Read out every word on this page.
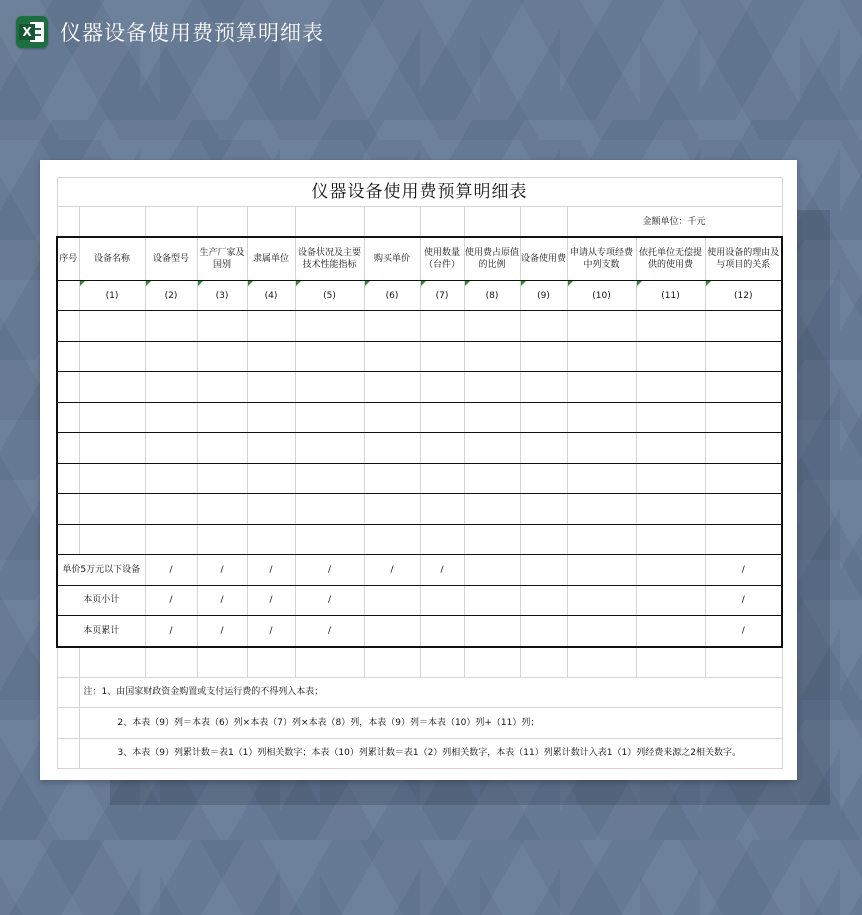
X 仪器设备使用费预算明细表
仪器设备使用费预算明细表												
										金额单位：千元		
序号	设备名称	设备型号	生产厂家及国别	隶属单位	设备状况及主要技术性能指标	购买单价	使用数量（台件）	使用费占原值的比例	设备使用费	申请从专项经费中列支数	依托单位无偿提供的使用费	使用设备的理由及与项目的关系
	(1)	(2)	(3)	(4)	(5)	(6)	(7)	(8)	(9)	(10)	(11)	(12)

单价5万元以下设备		/	/	/	/	/	/					/
本页小计		/	/	/	/							/
本页累计		/	/	/	/							/

	注：1、由国家财政资金购置或支付运行费的不得列入本表；											
	2、本表（9）列＝本表（6）列×本表（7）列×本表（8）列，本表（9）列＝本表（10）列+（11）列；											
	3、本表（9）列累计数＝表1（1）列相关数字；本表（10）列累计数＝表1（2）列相关数字，本表（11）列累计数计入表1（1）列经费来源之2相关数字。											
